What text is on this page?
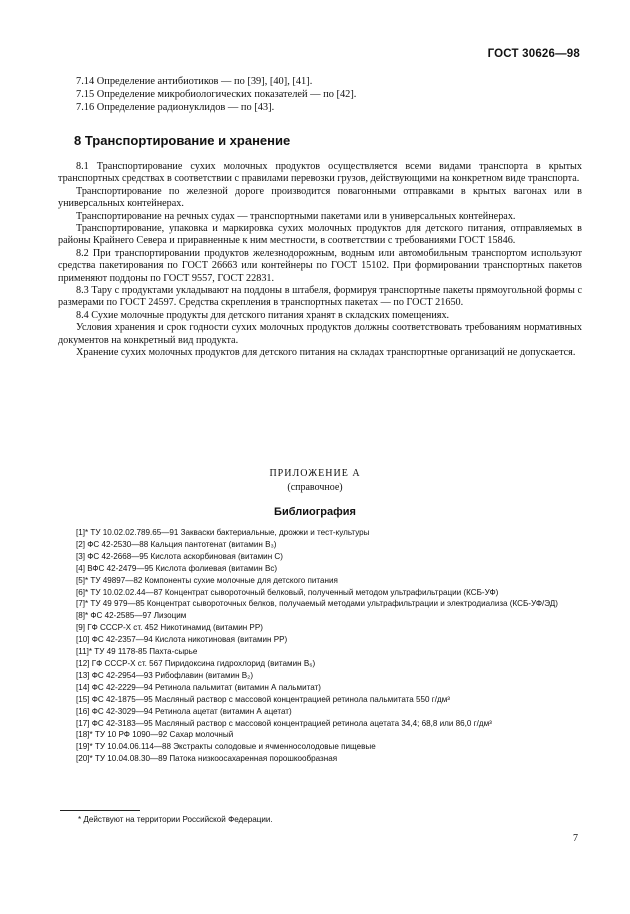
ГОСТ 30626—98

7.14 Определение антибиотиков — по [39], [40], [41].

7.15 Определение микробиологических показателей — по [42].

7.16 Определение радионуклидов — по [43].

8 Транспортирование и хранение

8.1 Транспортирование сухих молочных продуктов осуществляется всеми видами транспорта в крытых транспортных средствах в соответствии с правилами перевозки грузов, действующими на конкретном виде транспорта.

Транспортирование по железной дороге производится повагонными отправками в крытых вагонах или в универсальных контейнерах.

Транспортирование на речных судах — транспортными пакетами или в универсальных контейнерах.

Транспортирование, упаковка и маркировка сухих молочных продуктов для детского питания, отправляемых в районы Крайнего Севера и приравненные к ним местности, в соответствии с требованиями ГОСТ 15846.

8.2 При транспортировании продуктов железнодорожным, водным или автомобильным транспортом используют средства пакетирования по ГОСТ 26663 или контейнеры по ГОСТ 15102. При формировании транспортных пакетов применяют поддоны по ГОСТ 9557, ГОСТ 22831.

8.3 Тару с продуктами укладывают на поддоны в штабеля, формируя транспортные пакеты прямоугольной формы с размерами по ГОСТ 24597. Средства скрепления в транспортных пакетах — по ГОСТ 21650.

8.4 Сухие молочные продукты для детского питания хранят в складских помещениях.

Условия хранения и срок годности сухих молочных продуктов должны соответствовать требованиям нормативных документов на конкретный вид продукта.

Хранение сухих молочных продуктов для детского питания на складах транспортные организаций не допускается.

ПРИЛОЖЕНИЕ А

(справочное)

Библиография

[1]* ТУ 10.02.02.789.65—91 Закваски бактериальные, дрожжи и тест-культуры
[2] ФС 42-2530—88 Кальция пантотенат (витамин B₃)
[3] ФС 42-2668—95 Кислота аскорбиновая (витамин C)
[4] ВФС 42-2479—95 Кислота фолиевая (витамин Bc)
[5]* ТУ 49897—82 Компоненты сухие молочные для детского питания
[6]* ТУ 10.02.02.44—87 Концентрат сывороточный белковый, полученный методом ультрафильтрации (КСБ-УФ)
[7]* ТУ 49 979—85 Концентрат сывороточных белков, получаемый методами ультрафильтрации и электродиализа (КСБ-УФ/ЭД)
[8]* ФС 42-2585—97 Лизоцим
[9] ГФ СССР-Х ст. 452 Никотинамид (витамин PP)
[10] ФС 42-2357—94 Кислота никотиновая (витамин PP)
[11]* ТУ 49 1178-85 Пахта-сырье
[12] ГФ СССР-Х ст. 567 Пиридоксина гидрохлорид (витамин B₆)
[13] ФС 42-2954—93 Рибофлавин (витамин B₂)
[14] ФС 42-2229—94 Ретинола пальмитат (витамин А пальмитат)
[15] ФС 42-1875—95 Масляный раствор с массовой концентрацией ретинола пальмитата 550 г/дм³
[16] ФС 42-3029—94 Ретинола ацетат (витамин А ацетат)
[17] ФС 42-3183—95 Масляный раствор с массовой концентрацией ретинола ацетата 34,4; 68,8 или 86,0 г/дм³
[18]* ТУ 10 РФ 1090—92 Сахар молочный
[19]* ТУ 10.04.06.114—88 Экстракты солодовые и ячменносолодовые пищевые
[20]* ТУ 10.04.08.30—89 Патока низкоосахаренная порошкообразная

* Действуют на территории Российской Федерации.

7
